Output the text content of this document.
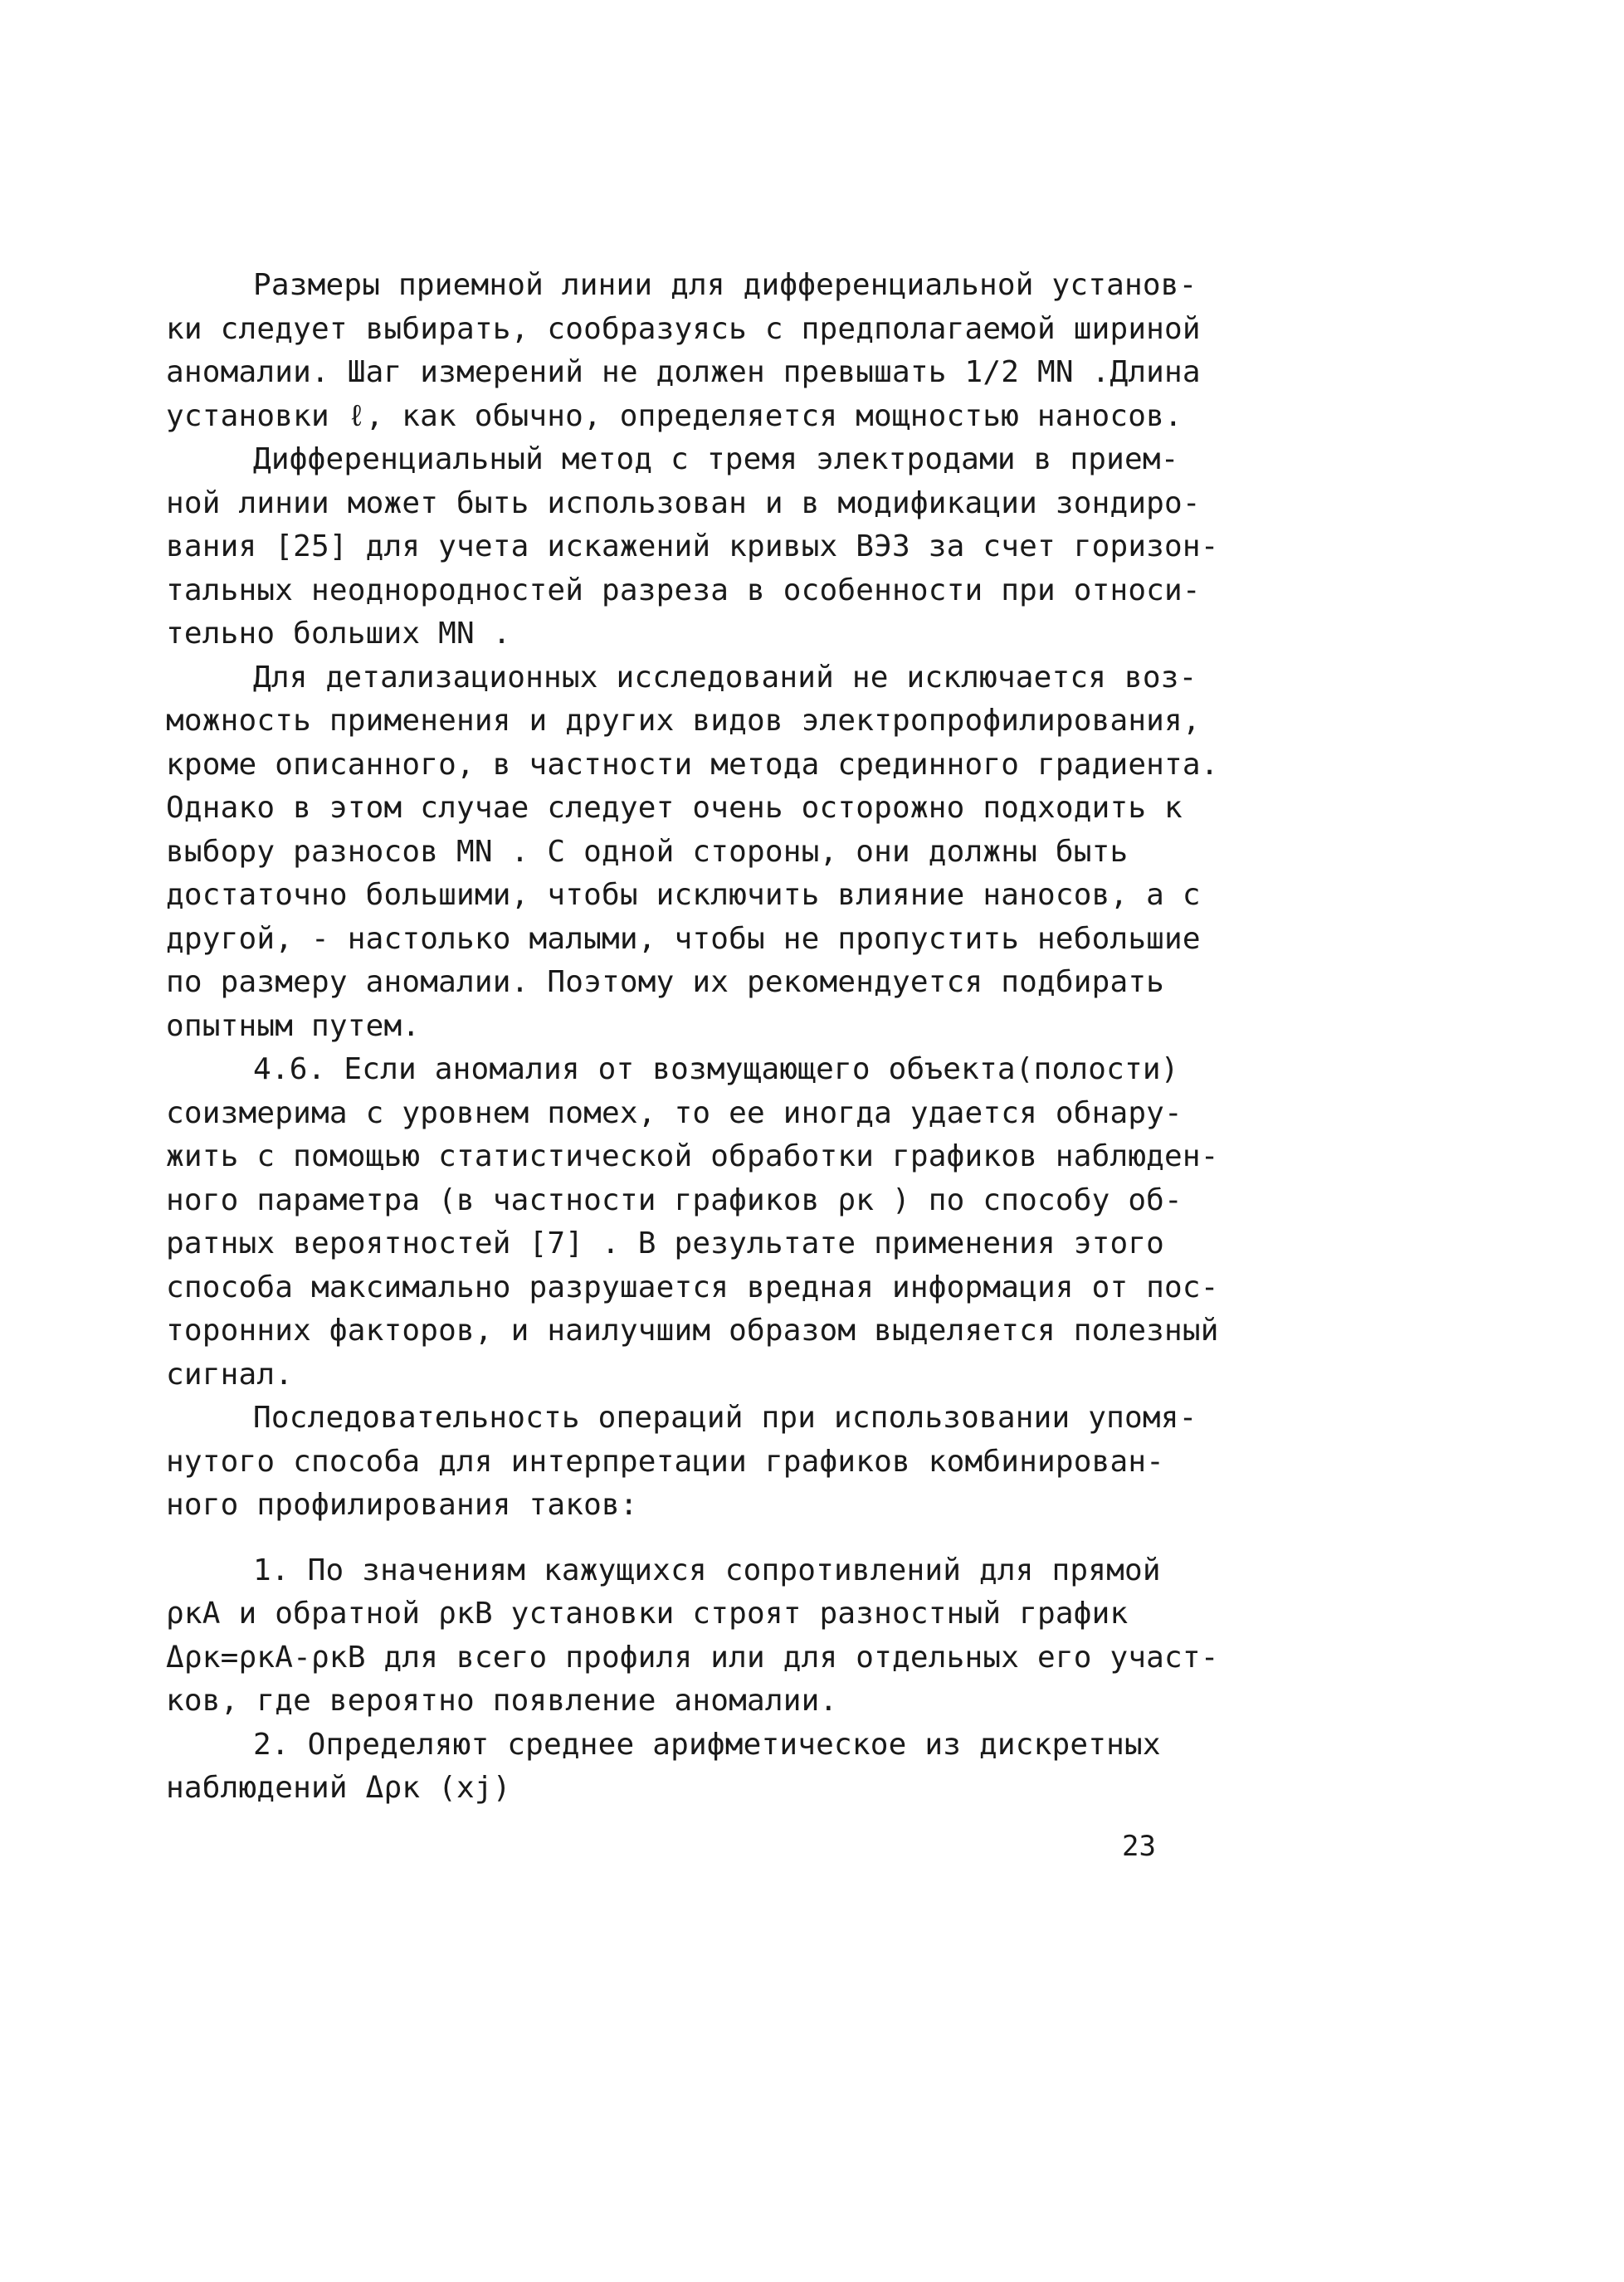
Размеры приемной линии для дифференциальной установ-
ки следует выбирать, сообразуясь с предполагаемой шириной
аномалии. Шаг измерений не должен превышать 1/2 MN .Длина
установки ℓ, как обычно, определяется мощностью наносов.
Дифференциальный метод с тремя электродами в прием-
ной линии может быть использован и в модификации зондиро-
вания [25] для учета искажений кривых ВЭЗ за счет горизон-
тальных неоднородностей разреза в особенности при относи-
тельно больших MN .
Для детализационных исследований не исключается воз-
можность применения и других видов электропрофилирования,
кроме описанного, в частности метода срединного градиента.
Однако в этом случае следует очень осторожно подходить к
выбору разносов MN . С одной стороны, они должны быть
достаточно большими, чтобы исключить влияние наносов, а с
другой, - настолько малыми, чтобы не пропустить небольшие
по размеру аномалии. Поэтому их рекомендуется подбирать
опытным путем.
4.6. Если аномалия от возмущающего объекта(полости)
соизмерима с уровнем помех, то ее иногда удается обнару-
жить с помощью статистической обработки графиков наблюден-
ного параметра (в частности графиков ρк ) по способу об-
ратных вероятностей [7] . В результате применения этого
способа максимально разрушается вредная информация от пос-
торонних факторов, и наилучшим образом выделяется полезный
сигнал.
Последовательность операций при использовании упомя-
нутого способа для интерпретации графиков комбинирован-
ного профилирования таков:
1. По значениям кажущихся сопротивлений для прямой
ρкА и обратной ρкВ установки строят разностный график
Δρк=ρкА-ρкВ для всего профиля или для отдельных его участ-
ков, где вероятно появление аномалии.
2. Определяют среднее арифметическое из дискретных
наблюдений Δρк (xj)
23
